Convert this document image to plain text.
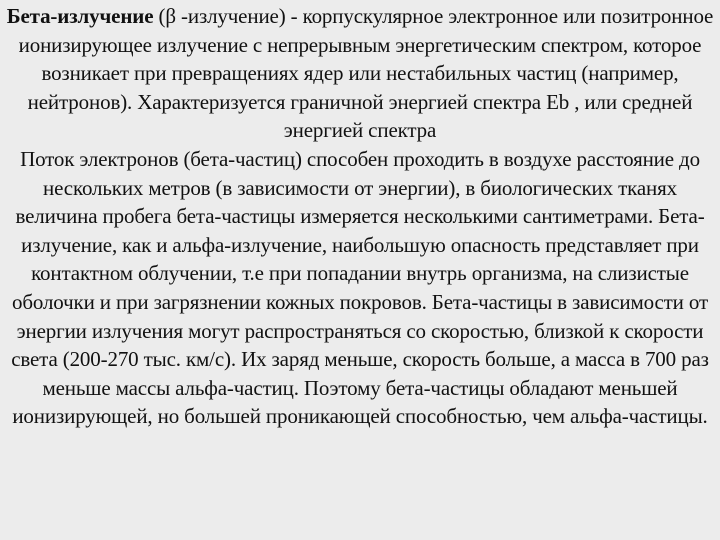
Бета-излучение (β -излучение) - корпускулярное электронное или позитронное ионизирующее излучение с непрерывным энергетическим спектром, которое возникает при превращениях ядер или нестабильных частиц (например, нейтронов). Характеризуется граничной энергией спектра Eb , или средней энергией спектра

Поток электронов (бета-частиц) способен проходить в воздухе расстояние до нескольких метров (в зависимости от энергии), в биологических тканях величина пробега бета-частицы измеряется несколькими сантиметрами. Бета-излучение, как и альфа-излучение, наибольшую опасность представляет при контактном облучении, т.е при попадании внутрь организма, на слизистые оболочки и при загрязнении кожных покровов. Бета-частицы в зависимости от энергии излучения могут распространяться со скоростью, близкой к скорости света (200-270 тыс. км/с). Их заряд меньше, скорость больше, а масса в 700 раз меньше массы альфа-частиц. Поэтому бета-частицы обладают меньшей ионизирующей, но большей проникающей способностью, чем альфа-частицы.
